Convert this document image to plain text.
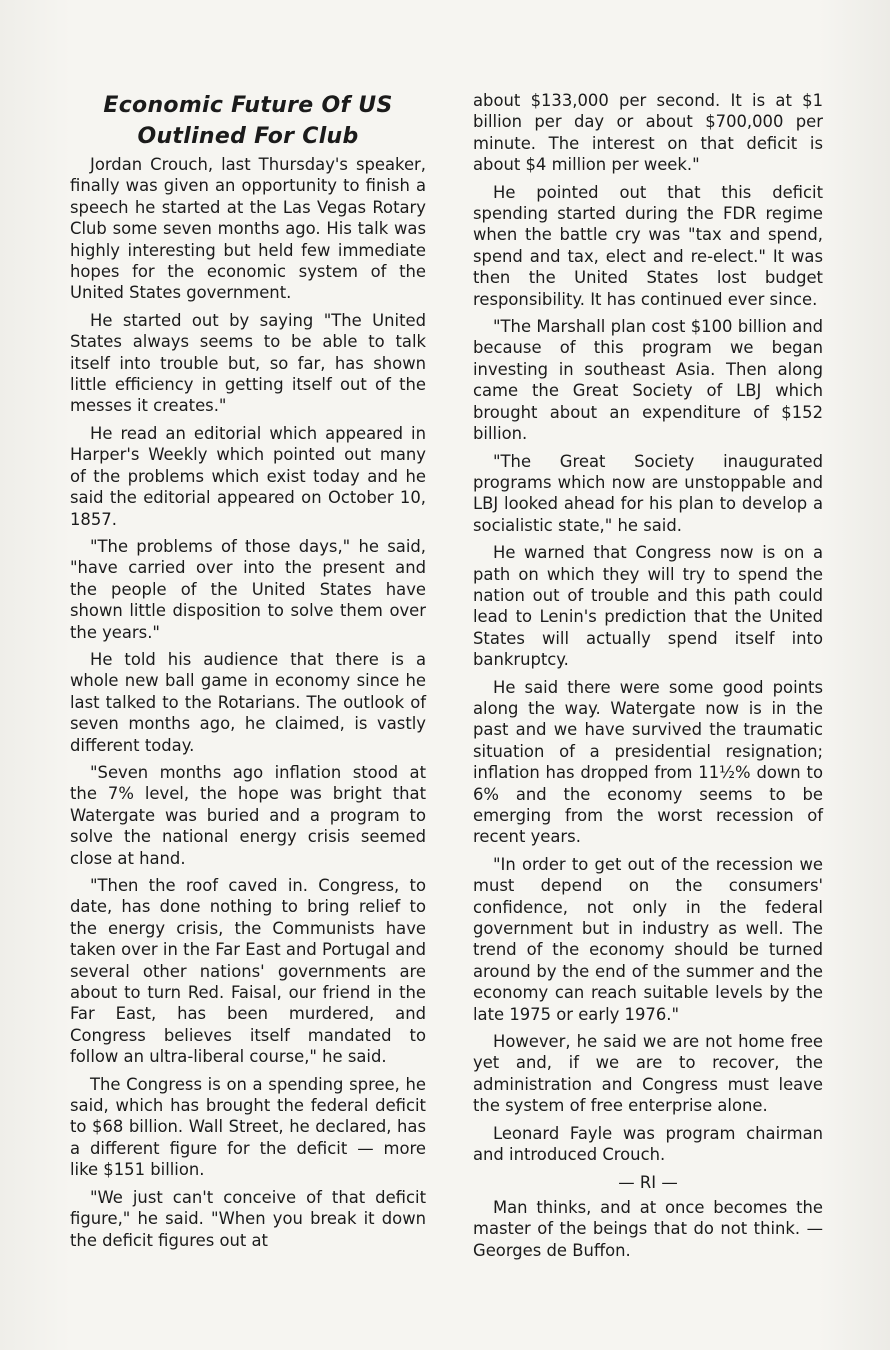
Economic Future Of US
Outlined For Club

Jordan Crouch, last Thursday's speaker, finally was given an opportunity to finish a speech he started at the Las Vegas Rotary Club some seven months ago. His talk was highly interesting but held few immediate hopes for the economic system of the United States government.

He started out by saying "The United States always seems to be able to talk itself into trouble but, so far, has shown little efficiency in getting itself out of the messes it creates."

He read an editorial which appeared in Harper's Weekly which pointed out many of the problems which exist today and he said the editorial appeared on October 10, 1857.

"The problems of those days," he said, "have carried over into the present and the people of the United States have shown little disposition to solve them over the years."

He told his audience that there is a whole new ball game in economy since he last talked to the Rotarians. The outlook of seven months ago, he claimed, is vastly different today.

"Seven months ago inflation stood at the 7% level, the hope was bright that Watergate was buried and a program to solve the national energy crisis seemed close at hand.

"Then the roof caved in. Congress, to date, has done nothing to bring relief to the energy crisis, the Communists have taken over in the Far East and Portugal and several other nations' governments are about to turn Red. Faisal, our friend in the Far East, has been murdered, and Congress believes itself mandated to follow an ultra-liberal course," he said.

The Congress is on a spending spree, he said, which has brought the federal deficit to $68 billion. Wall Street, he declared, has a different figure for the deficit — more like $151 billion.

"We just can't conceive of that deficit figure," he said. "When you break it down the deficit figures out at

about $133,000 per second. It is at $1 billion per day or about $700,000 per minute. The interest on that deficit is about $4 million per week."

He pointed out that this deficit spending started during the FDR regime when the battle cry was "tax and spend, spend and tax, elect and re-elect." It was then the United States lost budget responsibility. It has continued ever since.

"The Marshall plan cost $100 billion and because of this program we began investing in southeast Asia. Then along came the Great Society of LBJ which brought about an expenditure of $152 billion.

"The Great Society inaugurated programs which now are unstoppable and LBJ looked ahead for his plan to develop a socialistic state," he said.

He warned that Congress now is on a path on which they will try to spend the nation out of trouble and this path could lead to Lenin's prediction that the United States will actually spend itself into bankruptcy.

He said there were some good points along the way. Watergate now is in the past and we have survived the traumatic situation of a presidential resignation; inflation has dropped from 11½% down to 6% and the economy seems to be emerging from the worst recession of recent years.

"In order to get out of the recession we must depend on the consumers' confidence, not only in the federal government but in industry as well. The trend of the economy should be turned around by the end of the summer and the economy can reach suitable levels by the late 1975 or early 1976."

However, he said we are not home free yet and, if we are to recover, the administration and Congress must leave the system of free enterprise alone.

Leonard Fayle was program chairman and introduced Crouch.

— RI —

Man thinks, and at once becomes the master of the beings that do not think. — Georges de Buffon.
